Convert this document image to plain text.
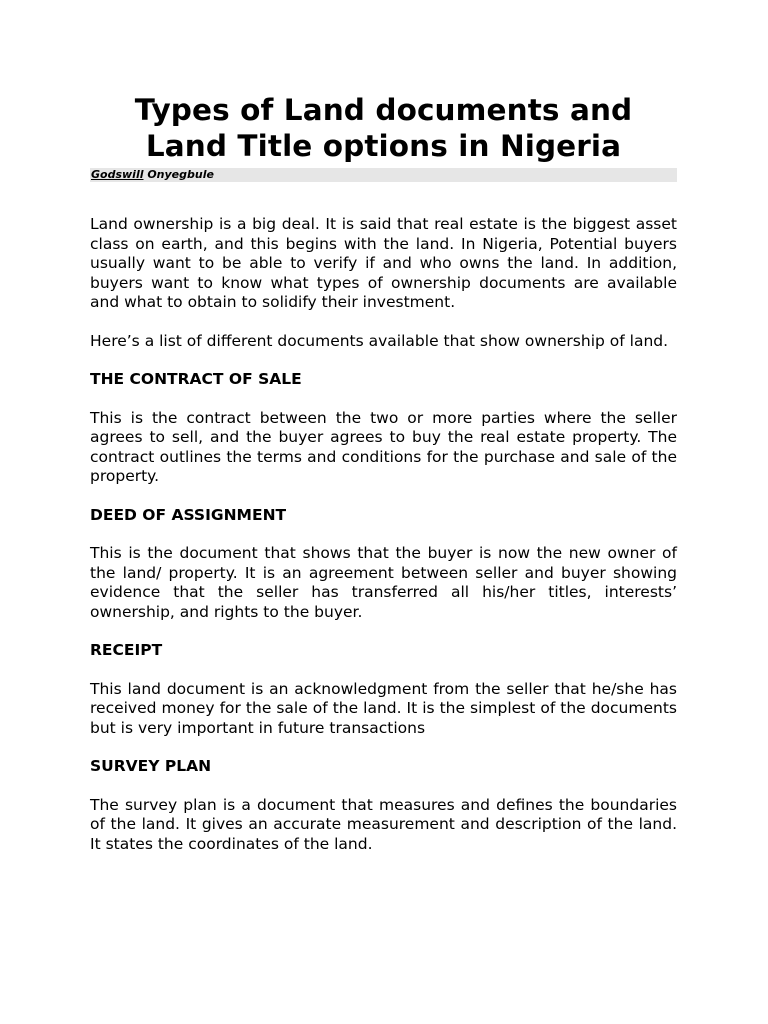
Types of Land documents and Land Title options in Nigeria
Godswill Onyegbule

Land ownership is a big deal. It is said that real estate is the biggest asset class on earth, and this begins with the land. In Nigeria, Potential buyers usually want to be able to verify if and who owns the land. In addition, buyers want to know what types of ownership documents are available and what to obtain to solidify their investment.

Here’s a list of different documents available that show ownership of land.

THE CONTRACT OF SALE

This is the contract between the two or more parties where the seller agrees to sell, and the buyer agrees to buy the real estate property. The contract outlines the terms and conditions for the purchase and sale of the property.

DEED OF ASSIGNMENT

This is the document that shows that the buyer is now the new owner of the land/ property. It is an agreement between seller and buyer showing evidence that the seller has transferred all his/her titles, interests’ ownership, and rights to the buyer.

RECEIPT

This land document is an acknowledgment from the seller that he/she has received money for the sale of the land. It is the simplest of the documents but is very important in future transactions

SURVEY PLAN

The survey plan is a document that measures and defines the boundaries of the land. It gives an accurate measurement and description of the land. It states the coordinates of the land.
